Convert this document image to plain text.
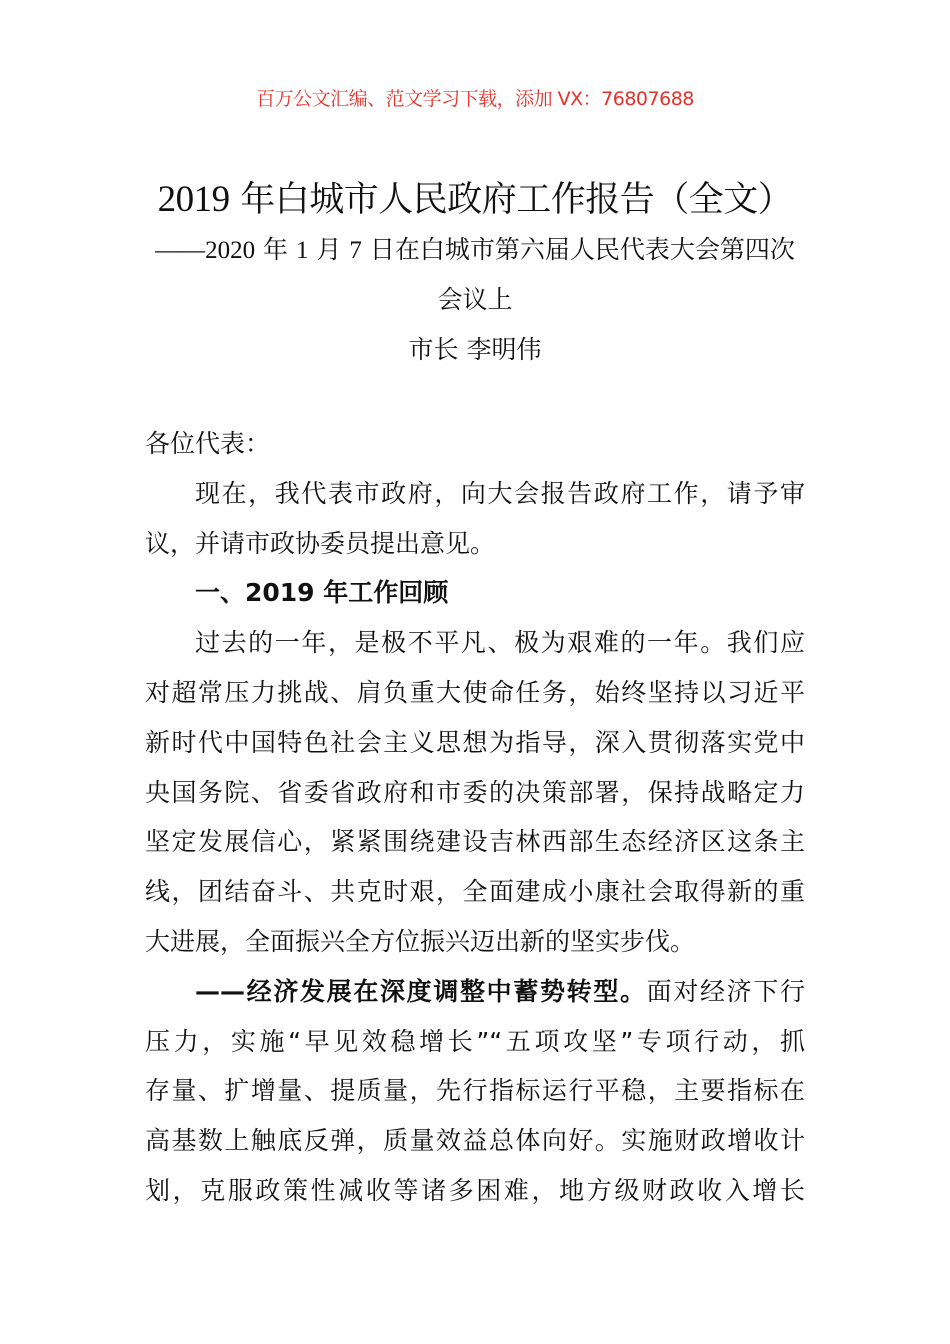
百万公文汇编、范文学习下载，添加 VX：76807688
2019 年白城市人民政府工作报告（全文）
——2020 年 1 月 7 日在白城市第六届人民代表大会第四次
会议上
市长 李明伟
各位代表：
现在，我代表市政府，向大会报告政府工作，请予审
议，并请市政协委员提出意见。
一、2019 年工作回顾
过去的一年，是极不平凡、极为艰难的一年。我们应
对超常压力挑战、肩负重大使命任务，始终坚持以习近平
新时代中国特色社会主义思想为指导，深入贯彻落实党中
央国务院、省委省政府和市委的决策部署，保持战略定力
坚定发展信心，紧紧围绕建设吉林西部生态经济区这条主
线，团结奋斗、共克时艰，全面建成小康社会取得新的重
大进展，全面振兴全方位振兴迈出新的坚实步伐。
——经济发展在深度调整中蓄势转型。面对经济下行
压力，实施“早见效稳增长”“五项攻坚”专项行动，抓
存量、扩增量、提质量，先行指标运行平稳，主要指标在
高基数上触底反弹，质量效益总体向好。实施财政增收计
划，克服政策性减收等诸多困难，地方级财政收入增长
